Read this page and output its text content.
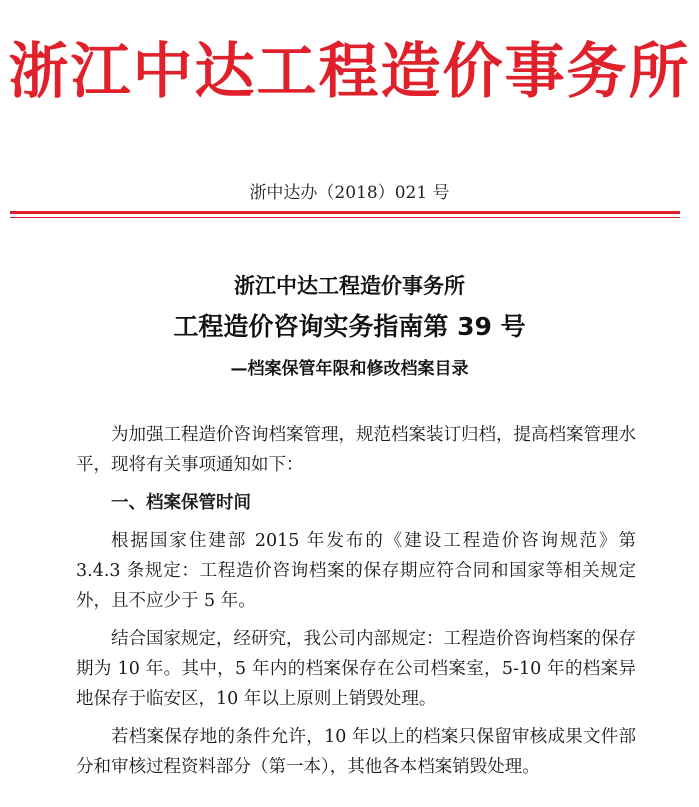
浙江中达工程造价事务所
浙中达办（2018）021 号
浙江中达工程造价事务所
工程造价咨询实务指南第 39 号
—档案保管年限和修改档案目录

为加强工程造价咨询档案管理，规范档案装订归档，提高档案管理水平，现将有关事项通知如下：

一、档案保管时间

根据国家住建部 2015 年发布的《建设工程造价咨询规范》第 3.4.3 条规定：工程造价咨询档案的保存期应符合同和国家等相关规定外，且不应少于 5 年。

结合国家规定，经研究，我公司内部规定：工程造价咨询档案的保存期为 10 年。其中，5 年内的档案保存在公司档案室，5-10 年的档案异地保存于临安区，10 年以上原则上销毁处理。

若档案保存地的条件允许，10 年以上的档案只保留审核成果文件部分和审核过程资料部分（第一本），其他各本档案销毁处理。
